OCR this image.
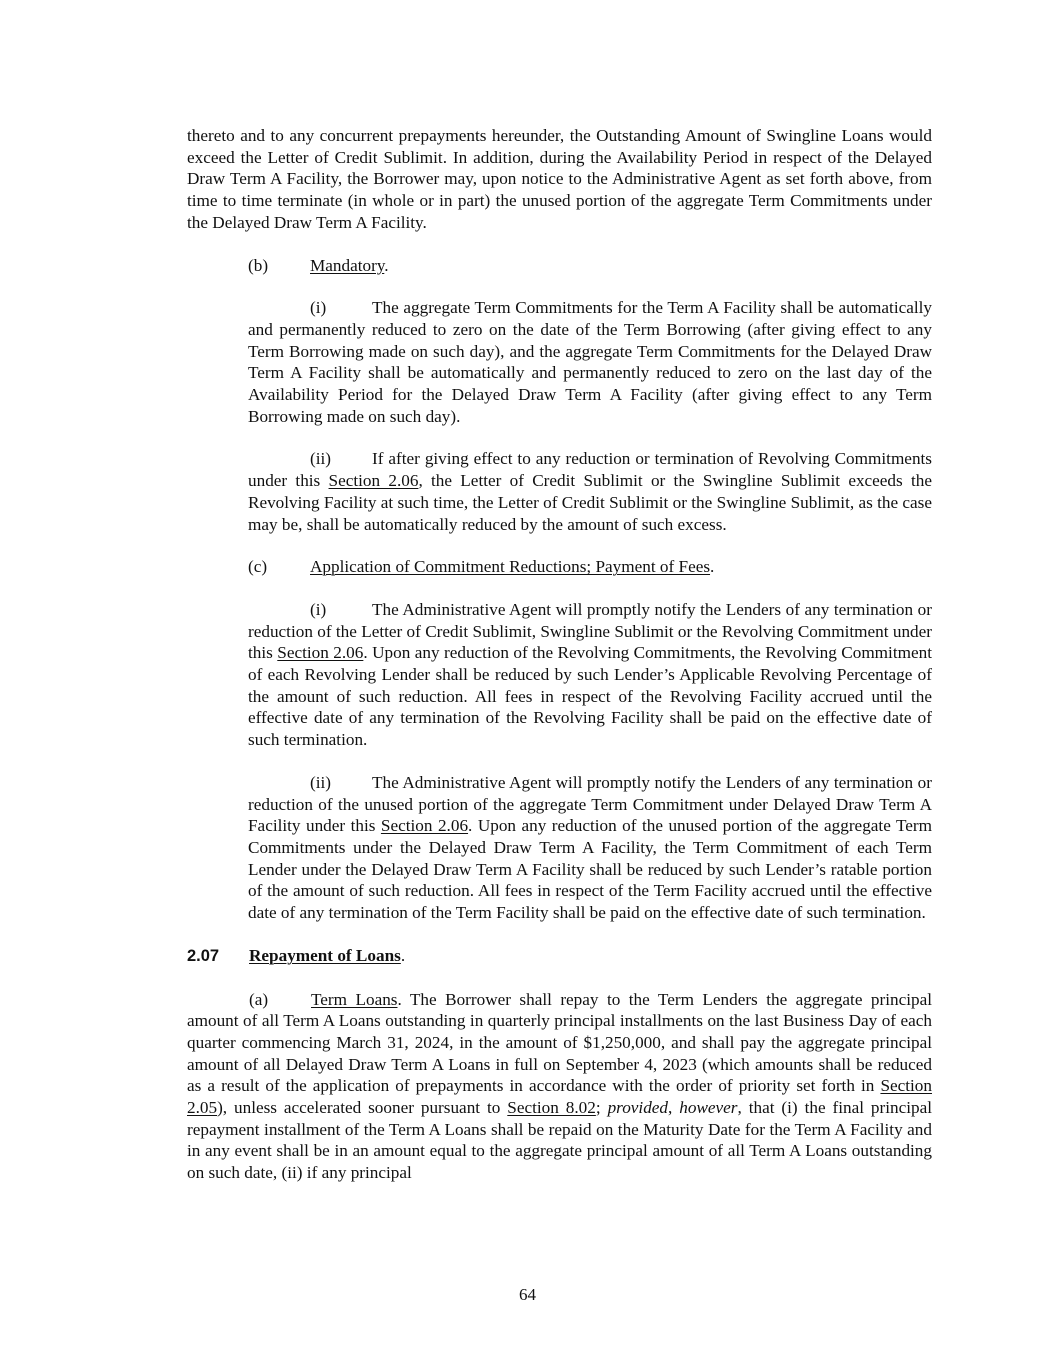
thereto and to any concurrent prepayments hereunder, the Outstanding Amount of Swingline Loans would exceed the Letter of Credit Sublimit. In addition, during the Availability Period in respect of the Delayed Draw Term A Facility, the Borrower may, upon notice to the Administrative Agent as set forth above, from time to time terminate (in whole or in part) the unused portion of the aggregate Term Commitments under the Delayed Draw Term A Facility.

(b) Mandatory.

(i)	The aggregate Term Commitments for the Term A Facility shall be automatically and permanently reduced to zero on the date of the Term Borrowing (after giving effect to any Term Borrowing made on such day), and the aggregate Term Commitments for the Delayed Draw Term A Facility shall be automatically and permanently reduced to zero on the last day of the Availability Period for the Delayed Draw Term A Facility (after giving effect to any Term Borrowing made on such day).

(ii) If after giving effect to any reduction or termination of Revolving Commitments under this Section 2.06, the Letter of Credit Sublimit or the Swingline Sublimit exceeds the Revolving Facility at such time, the Letter of Credit Sublimit or the Swingline Sublimit, as the case may be, shall be automatically reduced by the amount of such excess.

(c) Application of Commitment Reductions; Payment of Fees.

(i)	The Administrative Agent will promptly notify the Lenders of any termination or reduction of the Letter of Credit Sublimit, Swingline Sublimit or the Revolving Commitment under this Section 2.06. Upon any reduction of the Revolving Commitments, the Revolving Commitment of each Revolving Lender shall be reduced by such Lender’s Applicable Revolving Percentage of the amount of such reduction. All fees in respect of the Revolving Facility accrued until the effective date of any termination of the Revolving Facility shall be paid on the effective date of such termination.

(ii) The Administrative Agent will promptly notify the Lenders of any termination or reduction of the unused portion of the aggregate Term Commitment under Delayed Draw Term A Facility under this Section 2.06. Upon any reduction of the unused portion of the aggregate Term Commitments under the Delayed Draw Term A Facility, the Term Commitment of each Term Lender under the Delayed Draw Term A Facility shall be reduced by such Lender’s ratable portion of the amount of such reduction. All fees in respect of the Term Facility accrued until the effective date of any termination of the Term Facility shall be paid on the effective date of such termination.

2.07 Repayment of Loans.

(a) Term Loans. The Borrower shall repay to the Term Lenders the aggregate principal amount of all Term A Loans outstanding in quarterly principal installments on the last Business Day of each quarter commencing March 31, 2024, in the amount of $1,250,000, and shall pay the aggregate principal amount of all Delayed Draw Term A Loans in full on September 4, 2023 (which amounts shall be reduced as a result of the application of prepayments in accordance with the order of priority set forth in Section 2.05), unless accelerated sooner pursuant to Section 8.02; provided, however, that (i) the final principal repayment installment of the Term A Loans shall be repaid on the Maturity Date for the Term A Facility and in any event shall be in an amount equal to the aggregate principal amount of all Term A Loans outstanding on such date, (ii) if any principal

64
